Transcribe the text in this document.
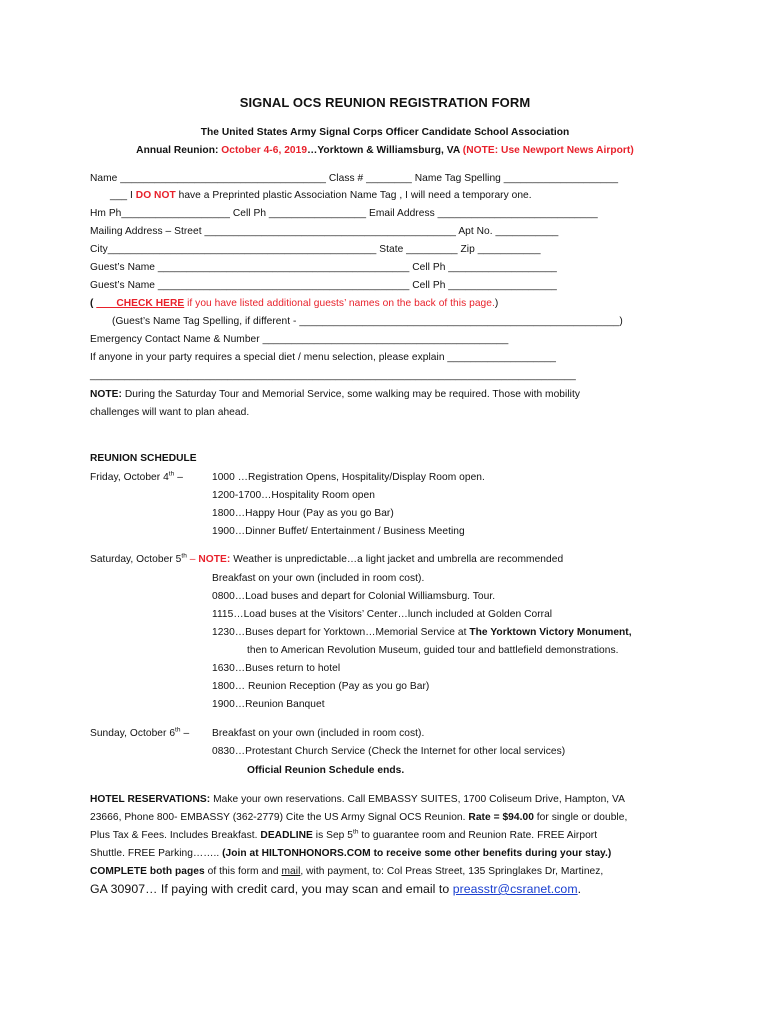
SIGNAL OCS REUNION REGISTRATION FORM
The United States Army Signal Corps Officer Candidate School Association
Annual Reunion: October 4-6, 2019…Yorktown & Williamsburg, VA (NOTE: Use Newport News Airport)
Name ____________________________________ Class # ________ Name Tag Spelling ____________________
___ I DO NOT have a Preprinted plastic Association Name Tag , I will need a temporary one.
Hm Ph___________________ Cell Ph _________________ Email Address ____________________________
Mailing Address – Street ____________________________________________ Apt No. ___________
City_______________________________________________ State _________ Zip ___________
Guest’s Name ____________________________________________ Cell Ph ___________________
Guest’s Name ____________________________________________ Cell Ph ___________________
( ___ CHECK HERE if you have listed additional guests’ names on the back of this page.)
(Guest’s Name Tag Spelling, if different - ________________________________________________________)
Emergency Contact Name & Number ___________________________________________
If anyone in your party requires a special diet / menu selection, please explain ___________________
_____________________________________________________________________________________
NOTE: During the Saturday Tour and Memorial Service, some walking may be required. Those with mobility
challenges will want to plan ahead.
REUNION SCHEDULE
Friday, October 4th –	1000 …Registration Opens, Hospitality/Display Room open.
1200-1700…Hospitality Room open
1800…Happy Hour (Pay as you go Bar)
1900…Dinner Buffet/ Entertainment / Business Meeting
Saturday, October 5th – NOTE: Weather is unpredictable…a light jacket and umbrella are recommended
Breakfast on your own (included in room cost).
0800…Load buses and depart for Colonial Williamsburg. Tour.
1115…Load buses at the Visitors’ Center…lunch included at Golden Corral
1230…Buses depart for Yorktown…Memorial Service at The Yorktown Victory Monument,
then to American Revolution Museum, guided tour and battlefield demonstrations.
1630…Buses return to hotel
1800… Reunion Reception (Pay as you go Bar)
1900…Reunion Banquet
Sunday, October 6th – Breakfast on your own (included in room cost).
0830…Protestant Church Service (Check the Internet for other local services)
Official Reunion Schedule ends.
HOTEL RESERVATIONS: Make your own reservations. Call EMBASSY SUITES, 1700 Coliseum Drive, Hampton, VA
23666, Phone 800- EMBASSY (362-2779) Cite the US Army Signal OCS Reunion. Rate = $94.00 for single or double,
Plus Tax & Fees. Includes Breakfast. DEADLINE is Sep 5th to guarantee room and Reunion Rate. FREE Airport
Shuttle. FREE Parking…….. (Join at HILTONHONORS.COM to receive some other benefits during your stay.)
COMPLETE both pages of this form and mail, with payment, to: Col Preas Street, 135 Springlakes Dr, Martinez,
GA 30907… If paying with credit card, you may scan and email to preasstr@csranet.com.
